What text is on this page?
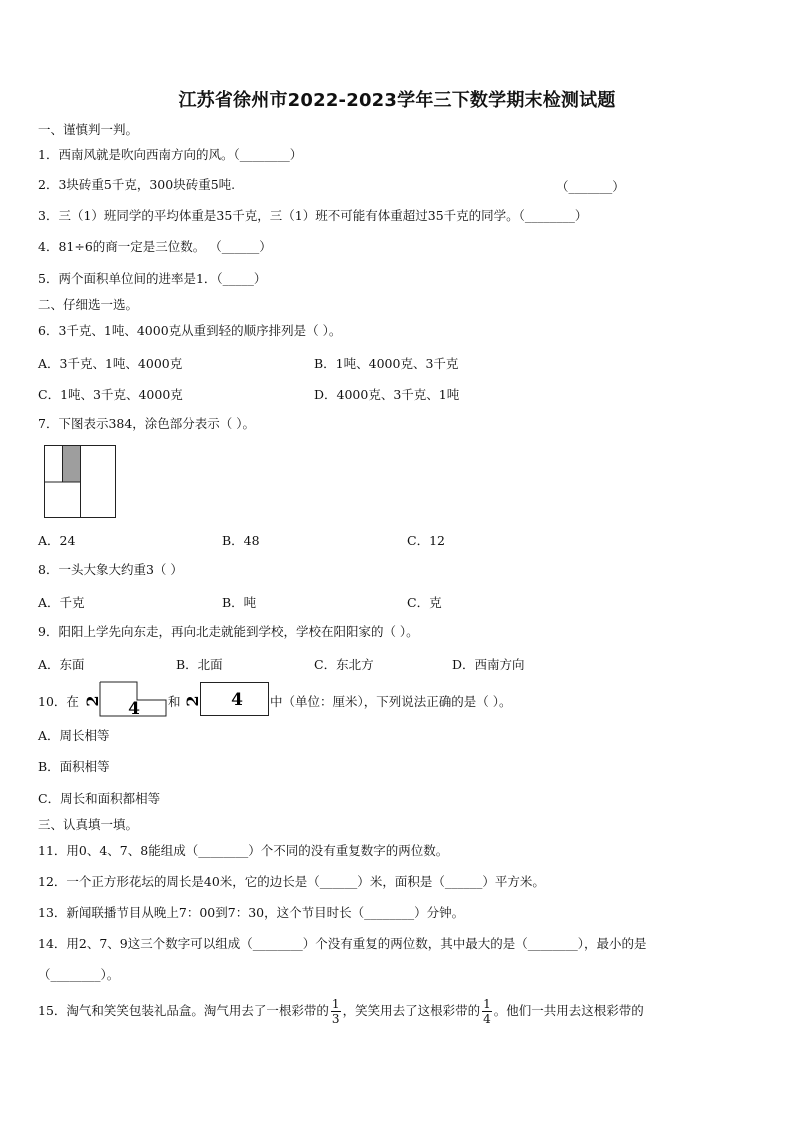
江苏省徐州市2022-2023学年三下数学期末检测试题
一、谨慎判一判。
1．西南风就是吹向西南方向的风。（________）
2．3块砖重5千克，300块砖重5吨.	（_______）
3．三（1）班同学的平均体重是35千克，三（1）班不可能有体重超过35千克的同学。（________）
4．81÷6的商一定是三位数。 （______）
5．两个面积单位间的进率是1．（_____）
二、仔细选一选。
6．3千克、1吨、4000克从重到轻的顺序排列是（ ）。
A．3千克、1吨、4000克	B．1吨、4000克、3千克
C．1吨、3千克、4000克	D．4000克、3千克、1吨
7．下图表示384，涂色部分表示（ ）。
A．24	B．48	C．12
8．一头大象大约重3（ ）
A．千克	B．吨	C．克
9．阳阳上学先向东走，再向北走就能到学校，学校在阳阳家的（ ）。
A．东面	B．北面	C．东北方	D．西南方向
10．在 2 4 和 2 4 中（单位：厘米），下列说法正确的是（ ）。
A．周长相等
B．面积相等
C．周长和面积都相等
三、认真填一填。
11．用0、4、7、8能组成（________）个不同的没有重复数字的两位数。
12．一个正方形花坛的周长是40米，它的边长是（______）米，面积是（______）平方米。
13．新闻联播节目从晚上7：00到7：30，这个节目时长（________）分钟。
14．用2、7、9这三个数字可以组成（________）个没有重复的两位数，其中最大的是（________），最小的是
（________）。
15．淘气和笑笑包装礼品盒。淘气用去了一根彩带的 $\frac{1}{3}$ ，笑笑用去了这根彩带的 $\frac{1}{4}$ 。他们一共用去这根彩带的
